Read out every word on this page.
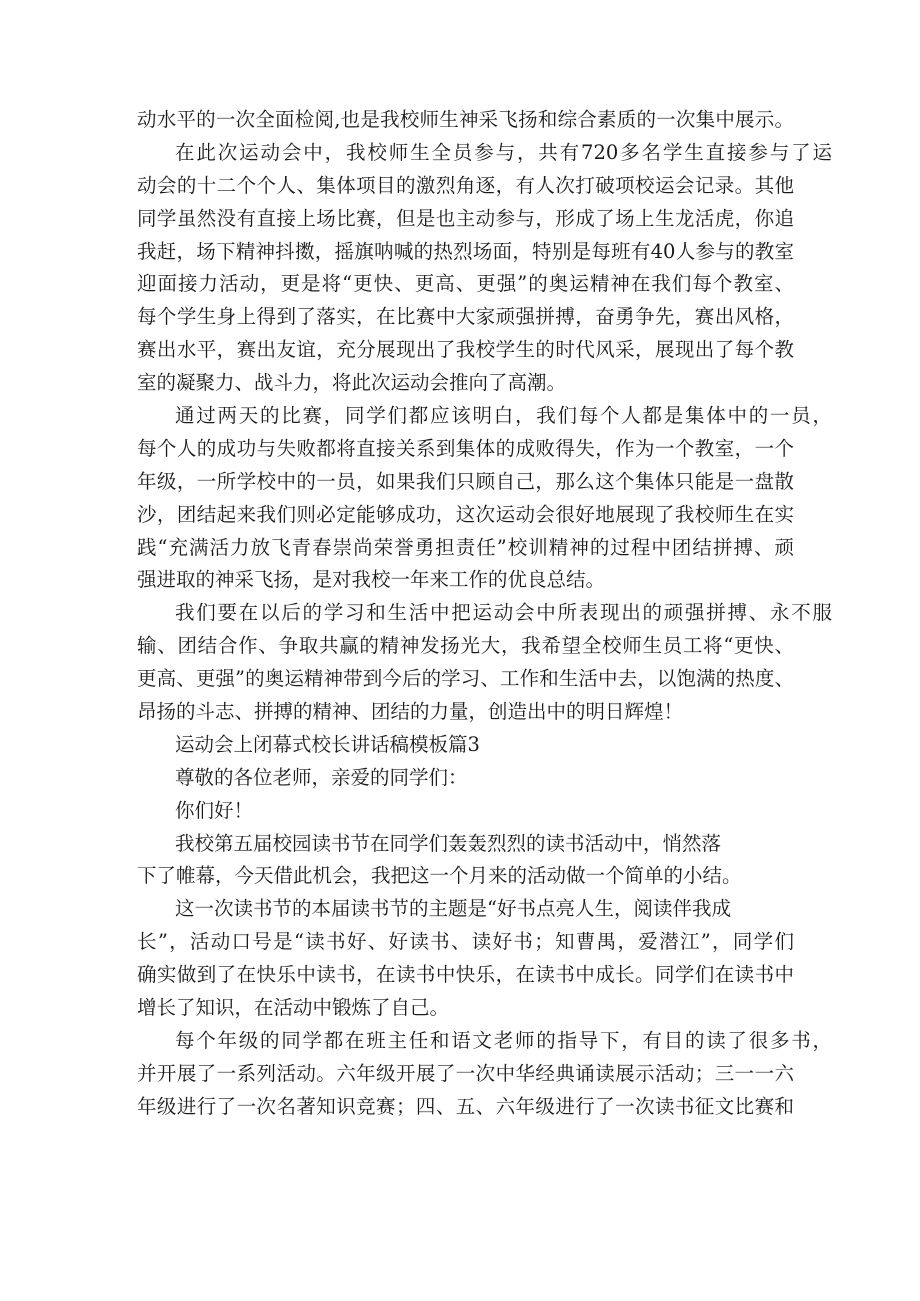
动水平的一次全面检阅,也是我校师生神采飞扬和综合素质的一次集中展示。
在此次运动会中，我校师生全员参与，共有720多名学生直接参与了运
动会的十二个个人、集体项目的激烈角逐，有人次打破项校运会记录。其他
同学虽然没有直接上场比赛，但是也主动参与，形成了场上生龙活虎，你追
我赶，场下精神抖擞，摇旗呐喊的热烈场面，特别是每班有40人参与的教室
迎面接力活动，更是将“更快、更高、更强”的奥运精神在我们每个教室、
每个学生身上得到了落实，在比赛中大家顽强拼搏，奋勇争先，赛出风格，
赛出水平，赛出友谊，充分展现出了我校学生的时代风采，展现出了每个教
室的凝聚力、战斗力，将此次运动会推向了高潮。
通过两天的比赛，同学们都应该明白，我们每个人都是集体中的一员，
每个人的成功与失败都将直接关系到集体的成败得失，作为一个教室，一个
年级，一所学校中的一员，如果我们只顾自己，那么这个集体只能是一盘散
沙，团结起来我们则必定能够成功，这次运动会很好地展现了我校师生在实
践“充满活力放飞青春崇尚荣誉勇担责任”校训精神的过程中团结拼搏、顽
强进取的神采飞扬，是对我校一年来工作的优良总结。
我们要在以后的学习和生活中把运动会中所表现出的顽强拼搏、永不服
输、团结合作、争取共赢的精神发扬光大，我希望全校师生员工将“更快、
更高、更强”的奥运精神带到今后的学习、工作和生活中去，以饱满的热度、
昂扬的斗志、拼搏的精神、团结的力量，创造出中的明日辉煌！
运动会上闭幕式校长讲话稿模板篇3
尊敬的各位老师，亲爱的同学们：
你们好！
我校第五届校园读书节在同学们轰轰烈烈的读书活动中，悄然落
下了帷幕，今天借此机会，我把这一个月来的活动做一个简单的小结。
这一次读书节的本届读书节的主题是“好书点亮人生，阅读伴我成
长”，活动口号是“读书好、好读书、读好书；知曹禺，爱潜江”，同学们
确实做到了在快乐中读书，在读书中快乐，在读书中成长。同学们在读书中
增长了知识，在活动中锻炼了自己。
每个年级的同学都在班主任和语文老师的指导下，有目的读了很多书，
并开展了一系列活动。六年级开展了一次中华经典诵读展示活动；三一一六
年级进行了一次名著知识竞赛；四、五、六年级进行了一次读书征文比赛和
